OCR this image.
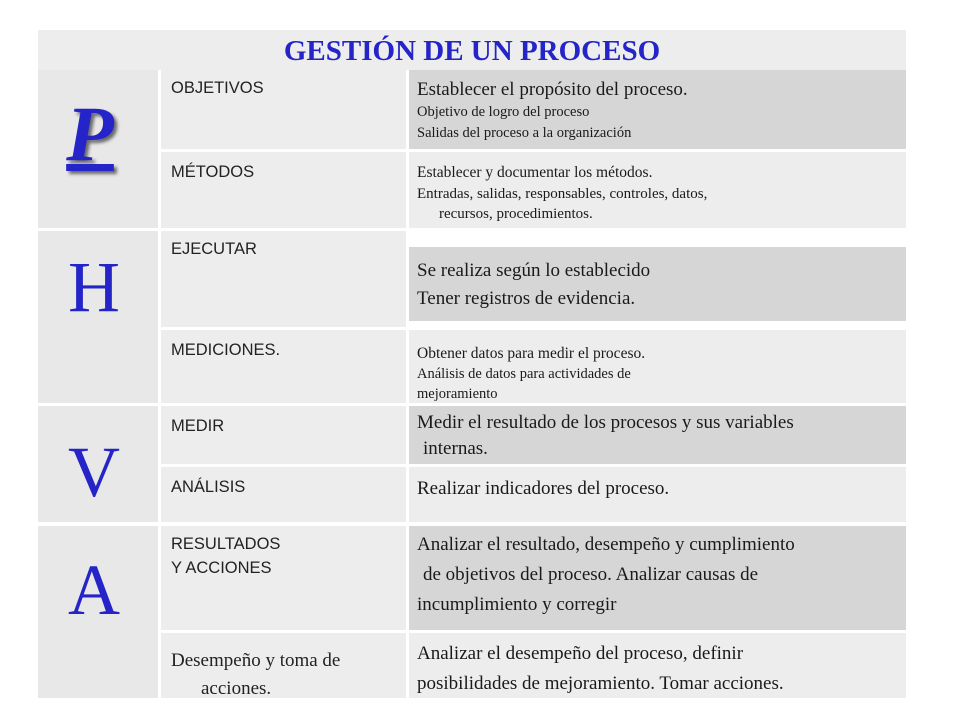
GESTIÓN DE UN PROCESO
P
H
V
A
OBJETIVOS
MÉTODOS
EJECUTAR
MEDICIONES.
MEDIR
ANÁLISIS
RESULTADOS
Y ACCIONES
Desempeño y toma de
acciones.
Establecer el propósito del proceso.
Objetivo de logro del proceso
Salidas del proceso a la organización
Establecer y documentar los métodos.
Entradas, salidas, responsables, controles, datos,
recursos, procedimientos.
Se realiza según lo establecido
Tener registros de evidencia.
Obtener datos para medir el proceso.
Análisis de datos para actividades de
mejoramiento
Medir el resultado de los procesos y sus variables
internas.
Realizar indicadores del proceso.
Analizar el resultado, desempeño y cumplimiento
de objetivos del proceso. Analizar causas de
incumplimiento y corregir
Analizar el desempeño del proceso, definir
posibilidades de mejoramiento. Tomar acciones.
